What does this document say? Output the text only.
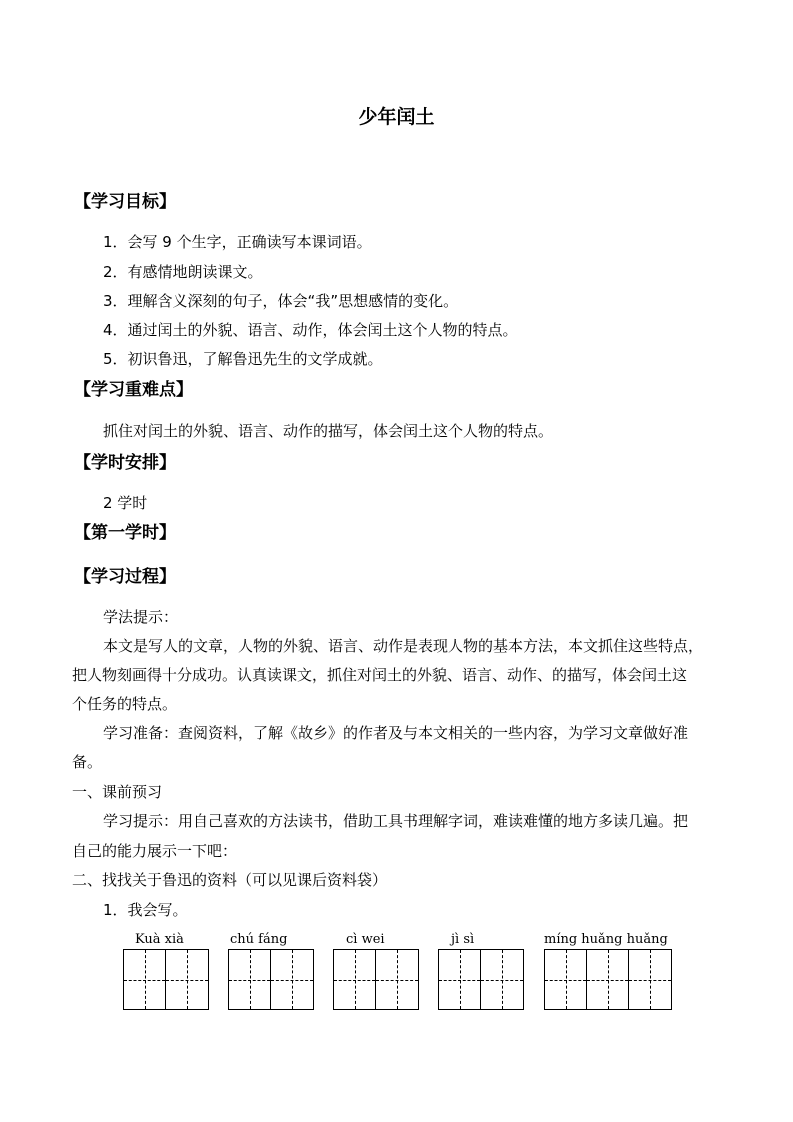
少年闰土
【学习目标】
1．会写 9 个生字，正确读写本课词语。
2．有感情地朗读课文。
3．理解含义深刻的句子，体会“我”思想感情的变化。
4．通过闰土的外貌、语言、动作，体会闰土这个人物的特点。
5．初识鲁迅，了解鲁迅先生的文学成就。
【学习重难点】
抓住对闰土的外貌、语言、动作的描写，体会闰土这个人物的特点。
【学时安排】
2 学时
【第一学时】
【学习过程】
学法提示：
本文是写人的文章，人物的外貌、语言、动作是表现人物的基本方法，本文抓住这些特点，
把人物刻画得十分成功。认真读课文，抓住对闰土的外貌、语言、动作、的描写，体会闰土这
个任务的特点。
学习准备：查阅资料，了解《故乡》的作者及与本文相关的一些内容，为学习文章做好准
备。
一、课前预习
学习提示：用自己喜欢的方法读书，借助工具书理解字词，难读难懂的地方多读几遍。把
自己的能力展示一下吧：
二、找找关于鲁迅的资料（可以见课后资料袋）
1．我会写。
Kuà xià	chú fáng	cì wei	jì sì	míng huǎng huǎng
